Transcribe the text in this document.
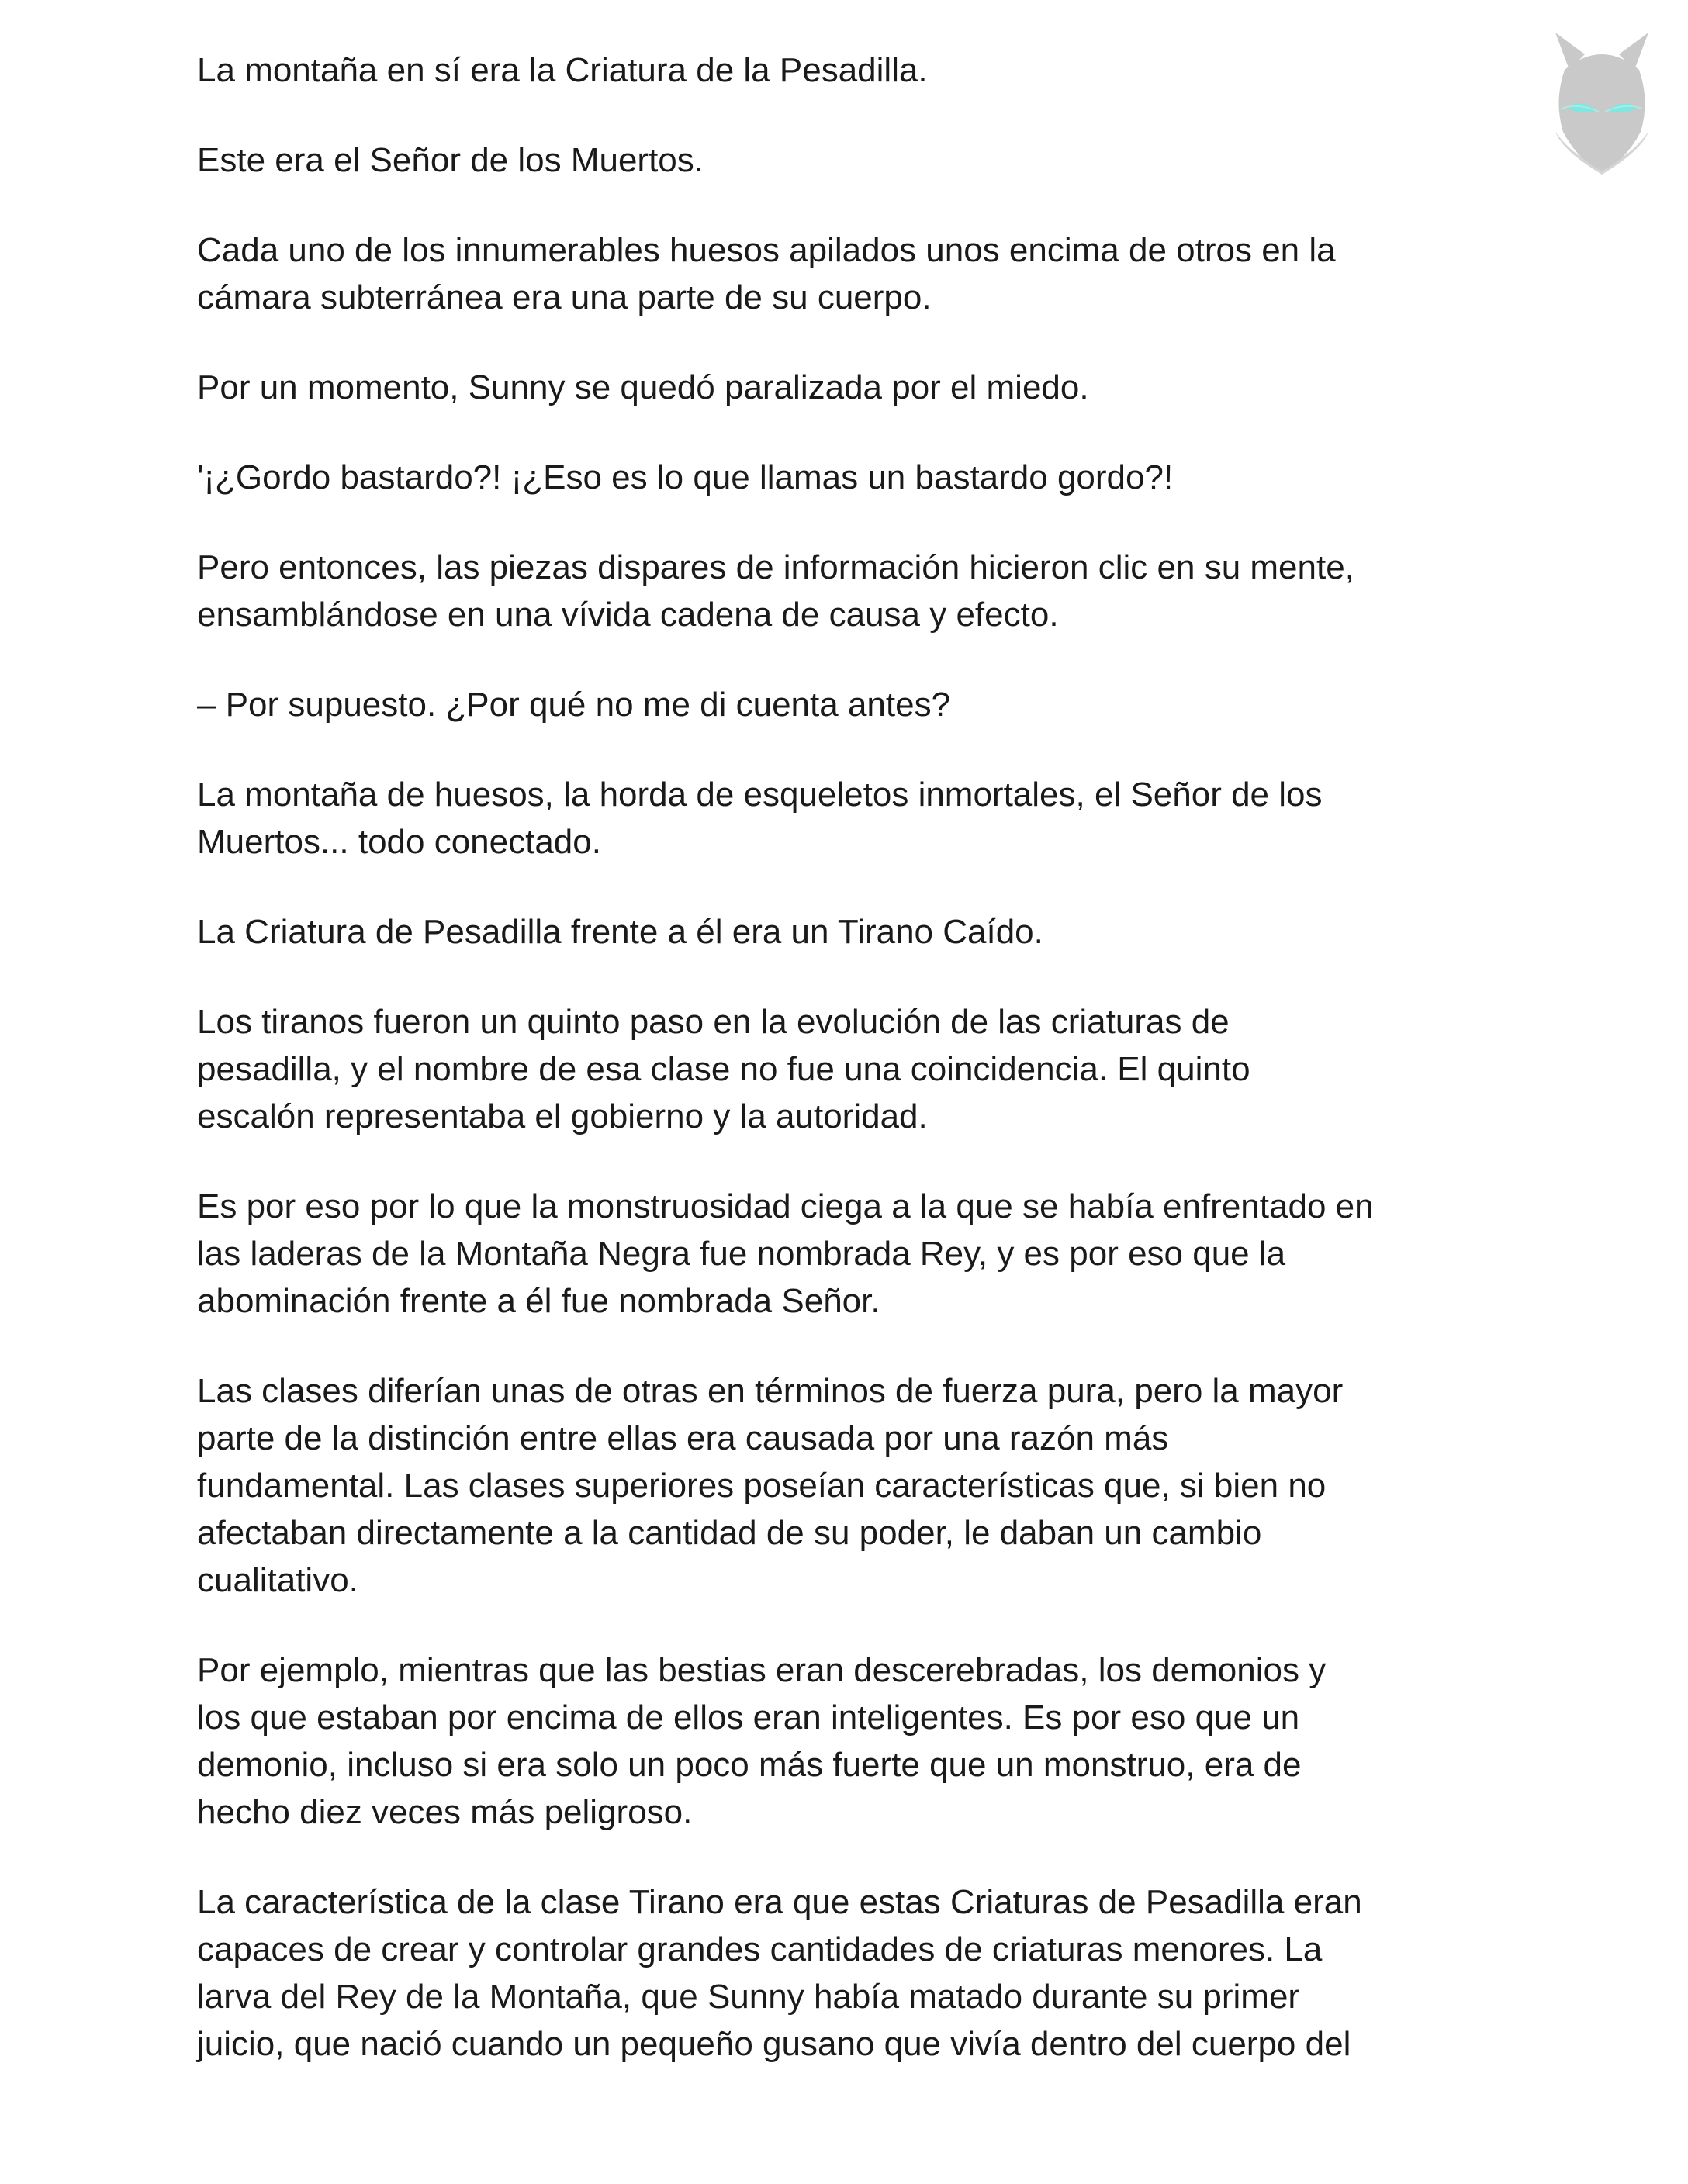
La montaña en sí era la Criatura de la Pesadilla.

Este era el Señor de los Muertos.

Cada uno de los innumerables huesos apilados unos encima de otros en la
cámara subterránea era una parte de su cuerpo.

Por un momento, Sunny se quedó paralizada por el miedo.

'¡¿Gordo bastardo?! ¡¿Eso es lo que llamas un bastardo gordo?!

Pero entonces, las piezas dispares de información hicieron clic en su mente,
ensamblándose en una vívida cadena de causa y efecto.

– Por supuesto. ¿Por qué no me di cuenta antes?

La montaña de huesos, la horda de esqueletos inmortales, el Señor de los
Muertos... todo conectado.

La Criatura de Pesadilla frente a él era un Tirano Caído.

Los tiranos fueron un quinto paso en la evolución de las criaturas de
pesadilla, y el nombre de esa clase no fue una coincidencia. El quinto
escalón representaba el gobierno y la autoridad.

Es por eso por lo que la monstruosidad ciega a la que se había enfrentado en
las laderas de la Montaña Negra fue nombrada Rey, y es por eso que la
abominación frente a él fue nombrada Señor.

Las clases diferían unas de otras en términos de fuerza pura, pero la mayor
parte de la distinción entre ellas era causada por una razón más
fundamental. Las clases superiores poseían características que, si bien no
afectaban directamente a la cantidad de su poder, le daban un cambio
cualitativo.

Por ejemplo, mientras que las bestias eran descerebradas, los demonios y
los que estaban por encima de ellos eran inteligentes. Es por eso que un
demonio, incluso si era solo un poco más fuerte que un monstruo, era de
hecho diez veces más peligroso.

La característica de la clase Tirano era que estas Criaturas de Pesadilla eran
capaces de crear y controlar grandes cantidades de criaturas menores. La
larva del Rey de la Montaña, que Sunny había matado durante su primer
juicio, que nació cuando un pequeño gusano que vivía dentro del cuerpo del
